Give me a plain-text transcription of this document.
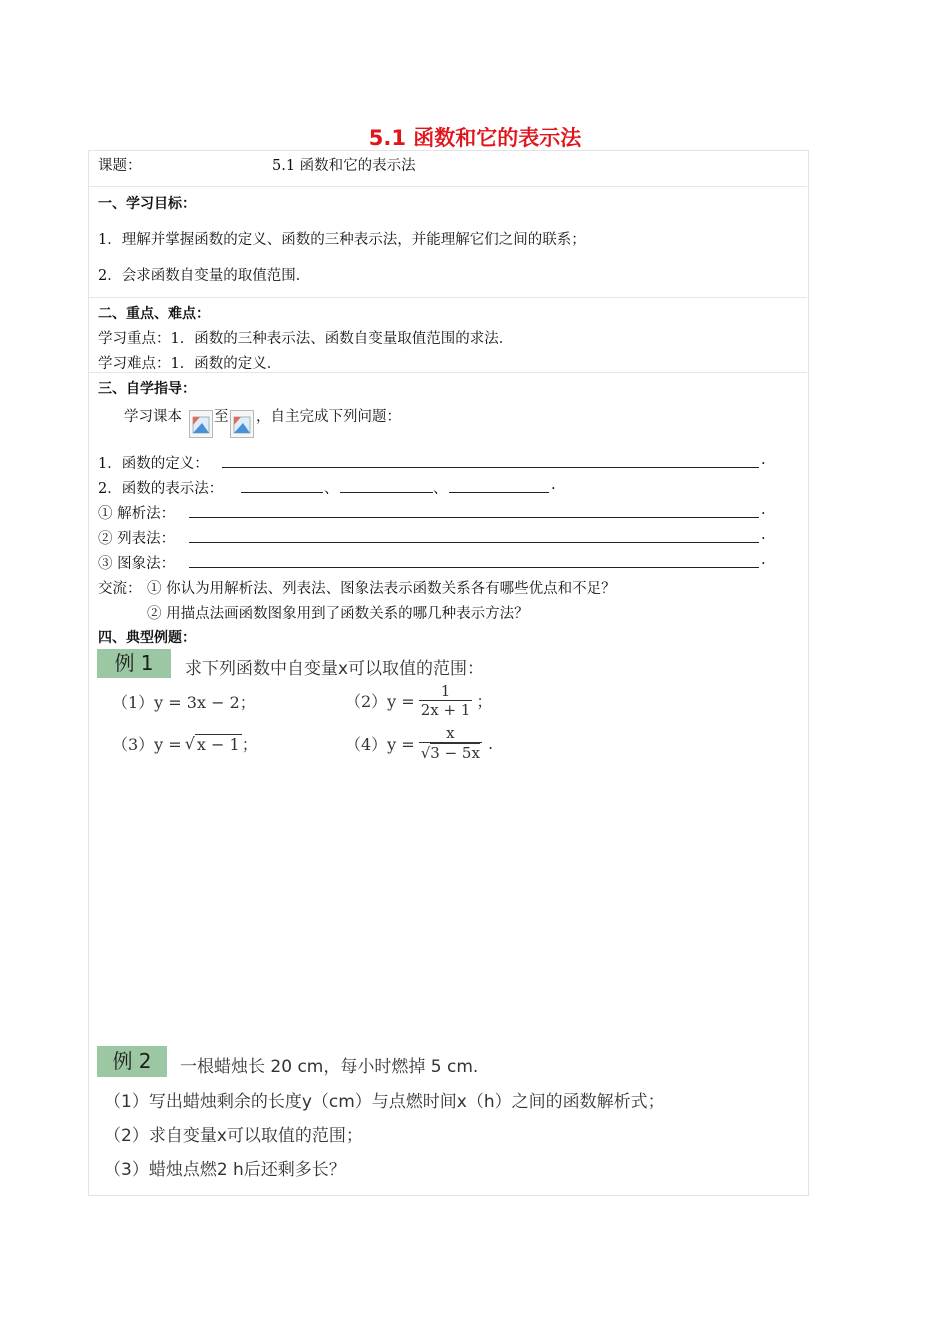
5.1 函数和它的表示法
课题：	5.1 函数和它的表示法
一、学习目标：
1．理解并掌握函数的定义、函数的三种表示法，并能理解它们之间的联系；
2．会求函数自变量的取值范围．
二、重点、难点：
学习重点：1．函数的三种表示法、函数自变量取值范围的求法．
学习难点：1．函数的定义．
三、自学指导：
学习课本 至 ，自主完成下列问题：
1．函数的定义：	.
2．函数的表示法：	、	、	.
① 解析法：	.
② 列表法：	.
③ 图象法：	.
交流： ① 你认为用解析法、列表法、图象法表示函数关系各有哪些优点和不足？
② 用描点法画函数图象用到了函数关系的哪几种表示方法？
四、典型例题：
例 1	求下列函数中自变量x可以取值的范围：
（1）y = 3x − 2；	$(2)y = \frac{1}{2x + 1}$ ；
（3）y = √ x − 1 ；	$(4)y = \frac{x}{√ 3 - 5x}$ .
例 2	一根蜡烛长 20 cm，每小时燃掉 5 cm.
（1）写出蜡烛剩余的长度y（cm）与点燃时间x（h）之间的函数解析式；
（2）求自变量x可以取值的范围；
（3）蜡烛点燃2 h后还剩多长？
